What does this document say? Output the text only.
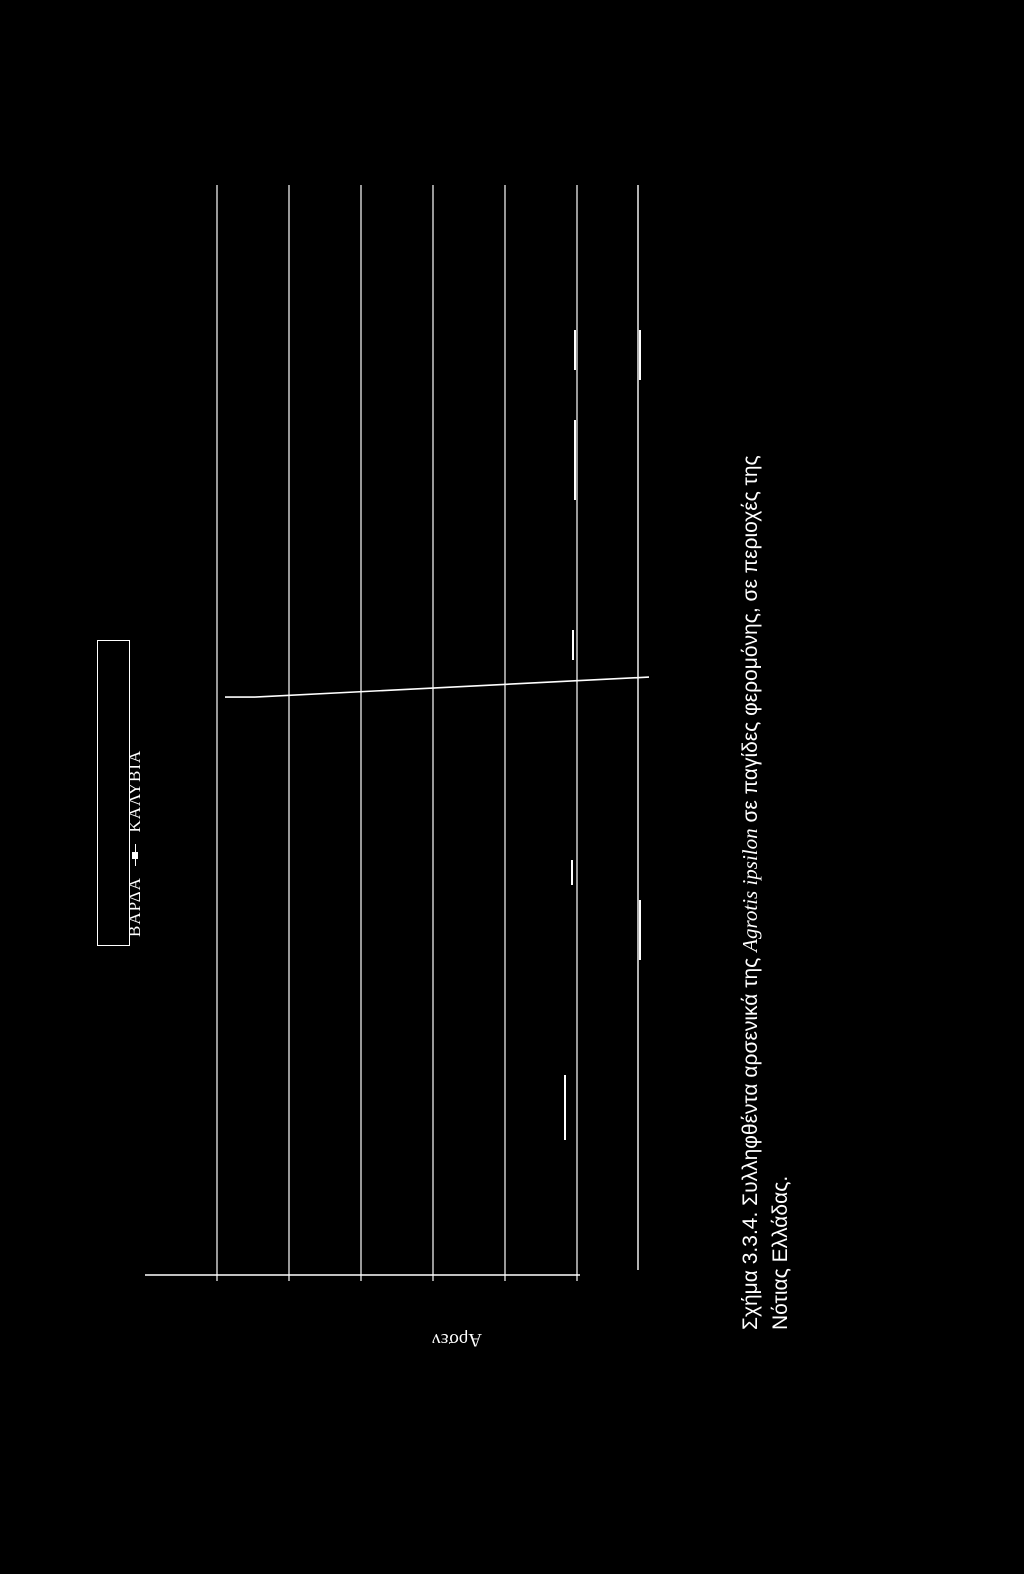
ΒΑΡΔΑ  ΚΑΛΥΒΙΑ
Αρσεν
Σχήμα 3.3.4. Συλληφθέντα αρσενικά της Agrotis ipsilon σε παγίδες φερομόνης, σε περιοχές της
Νότιας Ελλάδας.
